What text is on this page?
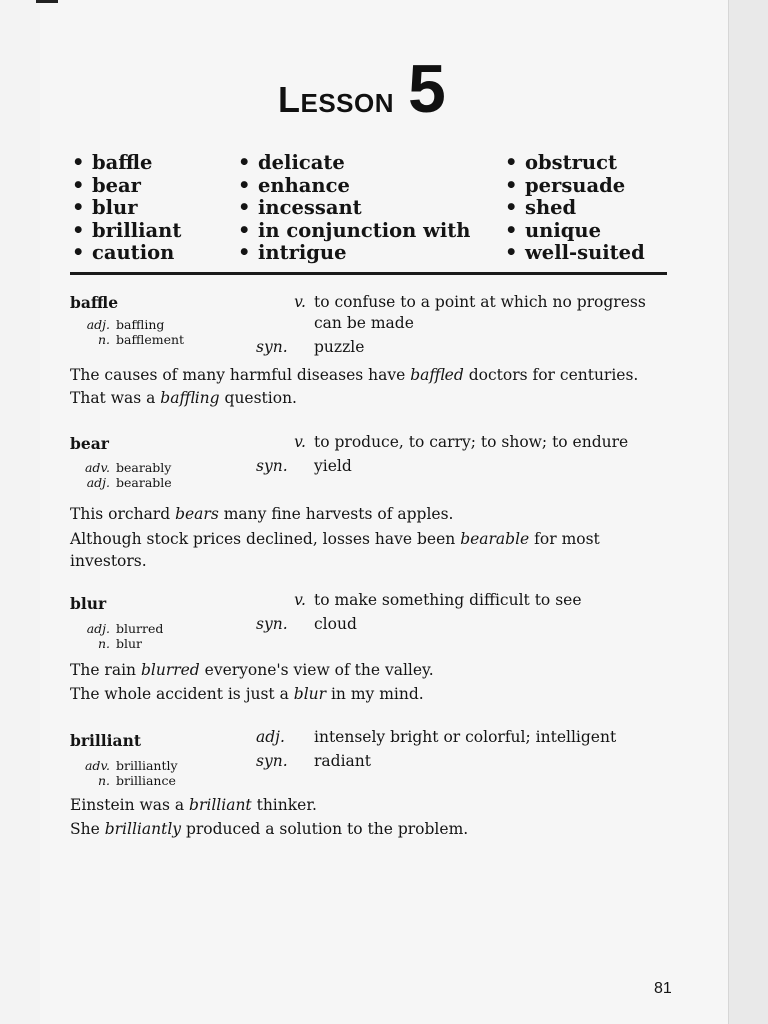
LESSON 5
• baffle
• bear
• blur
• brilliant
• caution
• delicate
• enhance
• incessant
• in conjunction with
• intrigue
• obstruct
• persuade
• shed
• unique
• well-suited
baffle
adj. baffling
n. bafflement
v. to confuse to a point at which no progress can be made
syn.	puzzle

The causes of many harmful diseases have baffled doctors for centuries.

That was a baffling question.

bear
adv. bearably
adj. bearable
v. to produce, to carry; to show; to endure
syn.	yield

This orchard bears many fine harvests of apples.

Although stock prices declined, losses have been bearable for most investors.

blur
adj. blurred
n. blur
v. to make something difficult to see
syn.	cloud

The rain blurred everyone's view of the valley.

The whole accident is just a blur in my mind.

brilliant
adv. brilliantly
n. brilliance
adj.	intensely bright or colorful; intelligent
syn.	radiant

Einstein was a brilliant thinker.

She brilliantly produced a solution to the problem.

81
